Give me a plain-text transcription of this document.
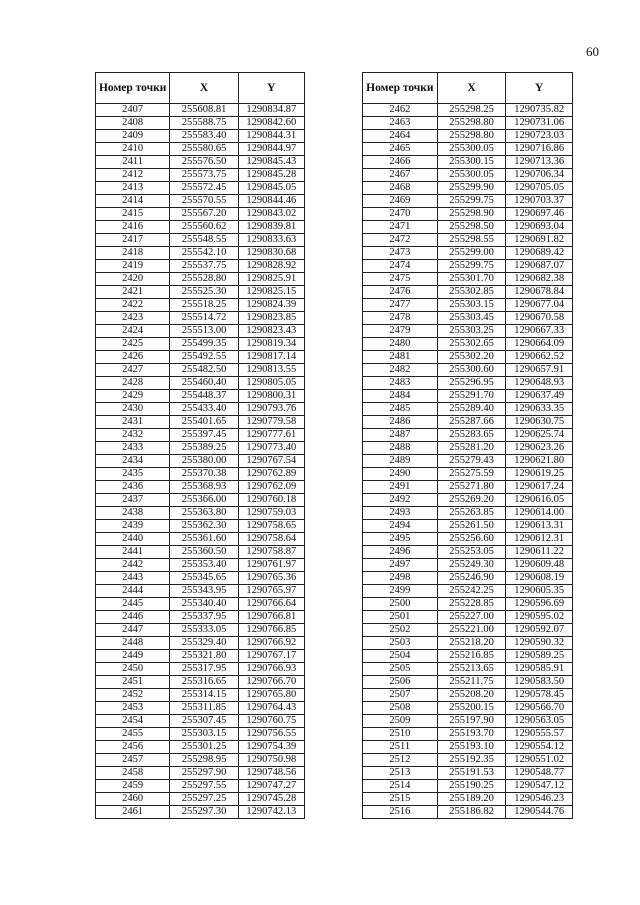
60
Номер точки	X	Y
2407	255608.81	1290834.87
2408	255588.75	1290842.60
2409	255583.40	1290844.31
2410	255580.65	1290844.97
2411	255576.50	1290845.43
2412	255573.75	1290845.28
2413	255572.45	1290845.05
2414	255570.55	1290844.46
2415	255567.20	1290843.02
2416	255560.62	1290839.81
2417	255548.55	1290833.63
2418	255542.10	1290830.68
2419	255537.75	1290828.92
2420	255528.80	1290825.91
2421	255525.30	1290825.15
2422	255518.25	1290824.39
2423	255514.72	1290823.85
2424	255513.00	1290823.43
2425	255499.35	1290819.34
2426	255492.55	1290817.14
2427	255482.50	1290813.55
2428	255460.40	1290805.05
2429	255448.37	1290800.31
2430	255433.40	1290793.76
2431	255401.65	1290779.58
2432	255397.45	1290777.61
2433	255389.25	1290773.40
2434	255380.00	1290767.54
2435	255370.38	1290762.89
2436	255368.93	1290762.09
2437	255366.00	1290760.18
2438	255363.80	1290759.03
2439	255362.30	1290758.65
2440	255361.60	1290758.64
2441	255360.50	1290758.87
2442	255353.40	1290761.97
2443	255345.65	1290765.36
2444	255343.95	1290765.97
2445	255340.40	1290766.64
2446	255337.95	1290766.81
2447	255333.05	1290766.85
2448	255329.40	1290766.92
2449	255321.80	1290767.17
2450	255317.95	1290766.93
2451	255316.65	1290766.70
2452	255314.15	1290765.80
2453	255311.85	1290764.43
2454	255307.45	1290760.75
2455	255303.15	1290756.55
2456	255301.25	1290754.39
2457	255298.95	1290750.98
2458	255297.90	1290748.56
2459	255297.55	1290747.27
2460	255297.25	1290745.28
2461	255297.30	1290742.13
Номер точки	X	Y
2462	255298.25	1290735.82
2463	255298.80	1290731.06
2464	255298.80	1290723.03
2465	255300.05	1290716.86
2466	255300.15	1290713.36
2467	255300.05	1290706.34
2468	255299.90	1290705.05
2469	255299.75	1290703.37
2470	255298.90	1290697.46
2471	255298.50	1290693.04
2472	255298.55	1290691.82
2473	255299.00	1290689.42
2474	255299.75	1290687.07
2475	255301.70	1290682.38
2476	255302.85	1290678.84
2477	255303.15	1290677.04
2478	255303.45	1290670.58
2479	255303.25	1290667.33
2480	255302.65	1290664.09
2481	255302.20	1290662.52
2482	255300.60	1290657.91
2483	255296.95	1290648.93
2484	255291.70	1290637.49
2485	255289.40	1290633.35
2486	255287.66	1290630.75
2487	255283.65	1290625.74
2488	255281.20	1290623.26
2489	255279.43	1290621.80
2490	255275.59	1290619.25
2491	255271.80	1290617.24
2492	255269.20	1290616.05
2493	255263.85	1290614.00
2494	255261.50	1290613.31
2495	255256.60	1290612.31
2496	255253.05	1290611.22
2497	255249.30	1290609.48
2498	255246.90	1290608.19
2499	255242.25	1290605.35
2500	255228.85	1290596.69
2501	255227.00	1290595.02
2502	255221.00	1290592.07
2503	255218.20	1290590.32
2504	255216.85	1290589.25
2505	255213.65	1290585.91
2506	255211.75	1290583.50
2507	255208.20	1290578.45
2508	255200.15	1290566.70
2509	255197.90	1290563.05
2510	255193.70	1290555.57
2511	255193.10	1290554.12
2512	255192.35	1290551.02
2513	255191.53	1290548.77
2514	255190.25	1290547.12
2515	255189.20	1290546.23
2516	255186.82	1290544.76
